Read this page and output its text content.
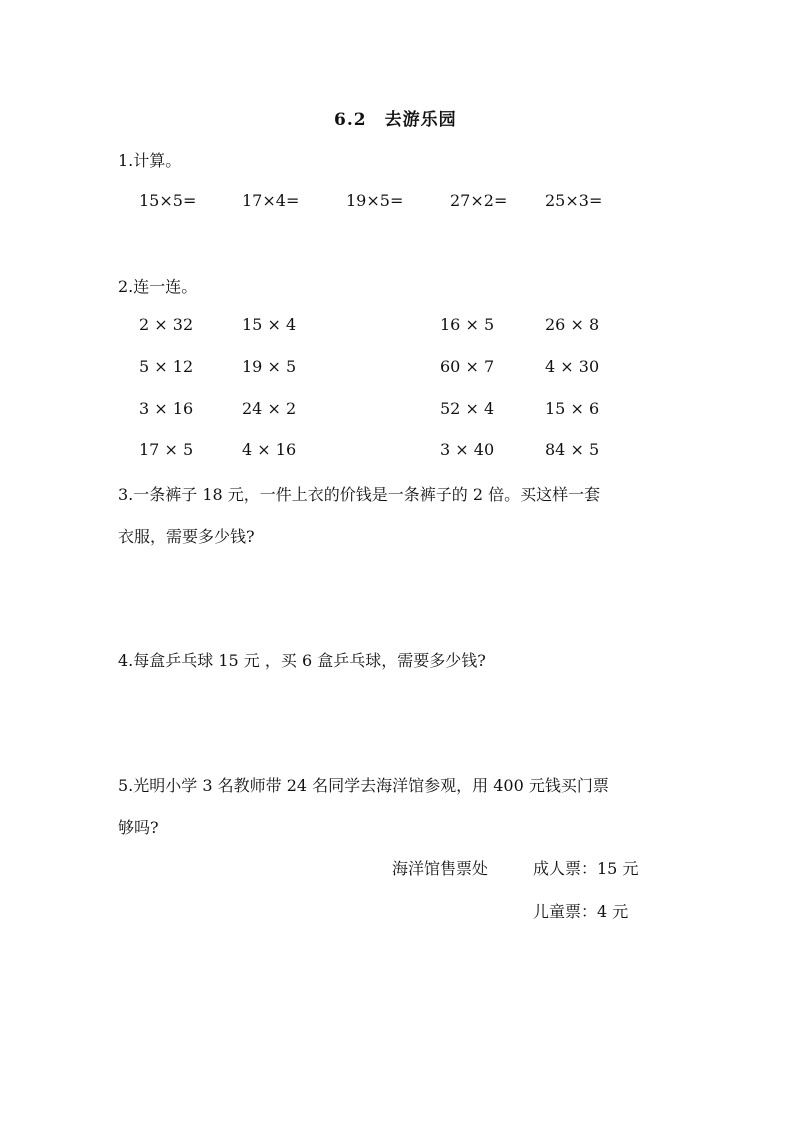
6.2　去游乐园
1.计算。
15×5=	17×4=	19×5=	27×2= 25×3=
2.连一连。
2 × 32	15 × 4	16 × 5	26 × 8
5 × 12	19 × 5	60 × 7	4 × 30
3 × 16	24 × 2	52 × 4	15 × 6
17 × 5	4 × 16	3 × 40	84 × 5
3.一条裤子 18 元，一件上衣的价钱是一条裤子的 2 倍。买这样一套
衣服，需要多少钱?
4.每盒乒乓球 15 元 ，买 6 盒乒乓球，需要多少钱?
5.光明小学 3 名教师带 24 名同学去海洋馆参观，用 400 元钱买门票
够吗?
海洋馆售票处	成人票：15 元
儿童票：4 元
